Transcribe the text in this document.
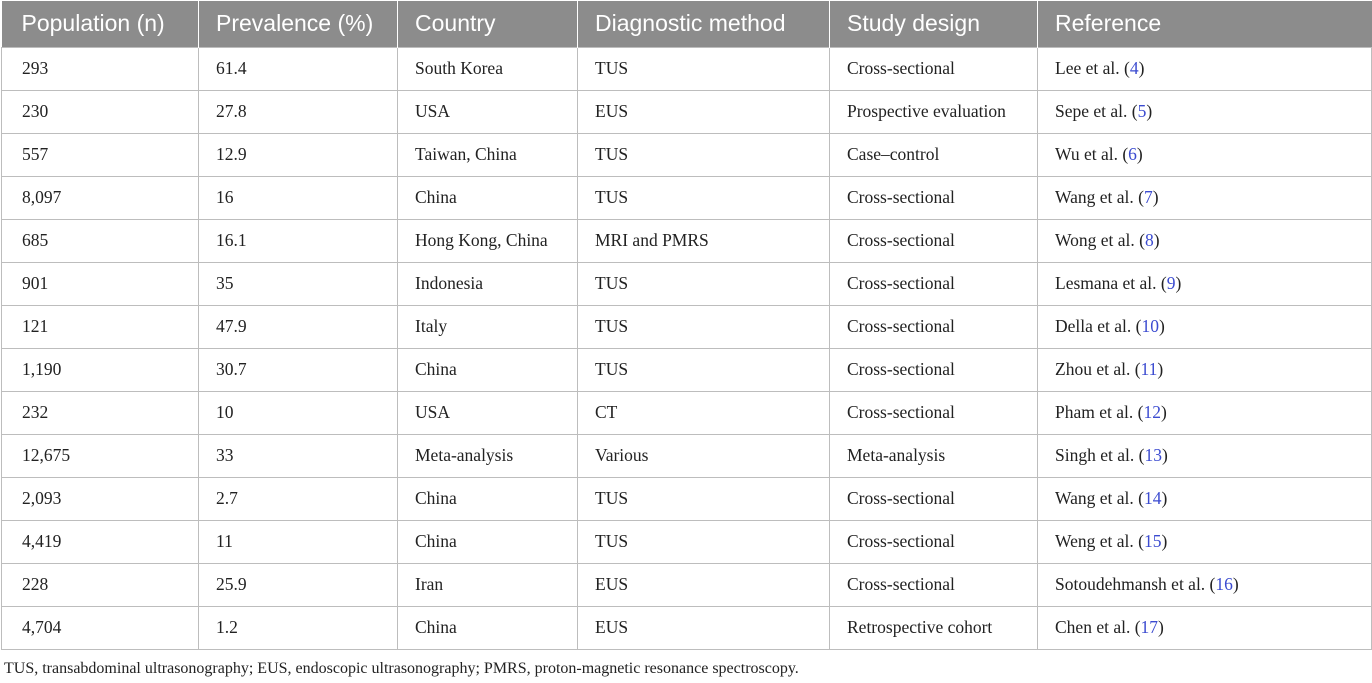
Population (n)	Prevalence (%)	Country	Diagnostic method	Study design	Reference
293	61.4	South Korea	TUS	Cross-sectional	Lee et al. (4)
230	27.8	USA	EUS	Prospective evaluation	Sepe et al. (5)
557	12.9	Taiwan, China	TUS	Case–control	Wu et al. (6)
8,097	16	China	TUS	Cross-sectional	Wang et al. (7)
685	16.1	Hong Kong, China	MRI and PMRS	Cross-sectional	Wong et al. (8)
901	35	Indonesia	TUS	Cross-sectional	Lesmana et al. (9)
121	47.9	Italy	TUS	Cross-sectional	Della et al. (10)
1,190	30.7	China	TUS	Cross-sectional	Zhou et al. (11)
232	10	USA	CT	Cross-sectional	Pham et al. (12)
12,675	33	Meta-analysis	Various	Meta-analysis	Singh et al. (13)
2,093	2.7	China	TUS	Cross-sectional	Wang et al. (14)
4,419	11	China	TUS	Cross-sectional	Weng et al. (15)
228	25.9	Iran	EUS	Cross-sectional	Sotoudehmansh et al. (16)
4,704	1.2	China	EUS	Retrospective cohort	Chen et al. (17)
TUS, transabdominal ultrasonography; EUS, endoscopic ultrasonography; PMRS, proton-magnetic resonance spectroscopy.
